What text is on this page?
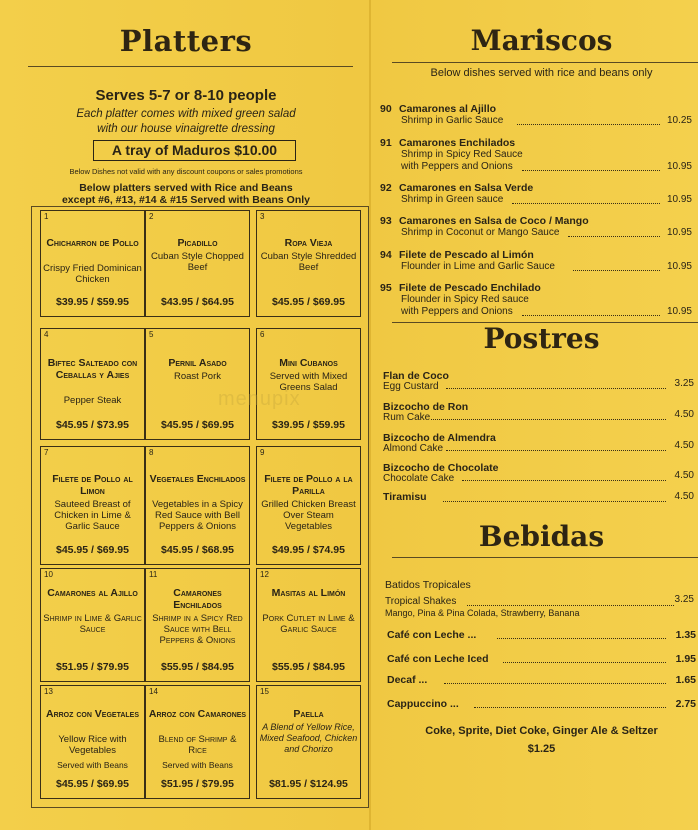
Platters
Serves 5-7 or 8-10 people
Each platter comes with mixed green salad
with our house vinaigrette dressing
A tray of Maduros $10.00
Below Dishes not valid with any discount coupons or sales promotions
Below platters served with Rice and Beans
except #6, #13, #14 & #15 Served with Beans Only
1
Chicharron de Pollo
Crispy Fried Dominican Chicken
$39.95 / $59.95
2
Picadillo
Cuban Style Chopped Beef
$43.95 / $64.95
3
Ropa Vieja
Cuban Style Shredded Beef
$45.95 / $69.95
4
Biftec Salteado con Ceballas y Ajies
Pepper Steak
$45.95 / $73.95
5
Pernil Asado
Roast Pork
$45.95 / $69.95
6
Mini Cubanos
Served with Mixed Greens Salad
$39.95 / $59.95
7
Filete de Pollo al Limon
Sauteed Breast of Chicken in Lime & Garlic Sauce
$45.95 / $69.95
8
Vegetales Enchilados
Vegetables in a Spicy Red Sauce with Bell Peppers & Onions
$45.95 / $68.95
9
Filete de Pollo a la Parilla
Grilled Chicken Breast Over Steam Vegetables
$49.95 / $74.95
10
Camarones al Ajillo
Shrimp in Lime & Garlic Sauce
$51.95 / $79.95
11
Camarones Enchilados
Shrimp in a Spicy Red Sauce with Bell Peppers & Onions
$55.95 / $84.95
12
Masitas al Limón
Pork Cutlet in Lime & Garlic Sauce
$55.95 / $84.95
13
Arroz con Vegetales
Yellow Rice with Vegetables
Served with Beans
$45.95 / $69.95
14
Arroz con Camarones
Blend of Shrimp & Rice
Served with Beans
$51.95 / $79.95
15
Paella
A Blend of Yellow Rice, Mixed Seafood, Chicken and Chorizo
$81.95 / $124.95
Mariscos
Below dishes served with rice and beans only
90 Camarones al Ajillo
Shrimp in Garlic Sauce	10.25
91 Camarones Enchilados
Shrimp in Spicy Red Sauce
with Peppers and Onions	10.95
92 Camarones en Salsa Verde
Shrimp in Green sauce	10.95
93 Camarones en Salsa de Coco / Mango
Shrimp in Coconut or Mango Sauce	10.95
94 Filete de Pescado al Limón
Flounder in Lime and Garlic Sauce	10.95
95 Filete de Pescado Enchilado
Flounder in Spicy Red sauce
with Peppers and Onions	10.95
Postres
Flan de Coco
Egg Custard	3.25
Bizcocho de Ron
Rum Cake	4.50
Bizcocho de Almendra
Almond Cake	4.50
Bizcocho de Chocolate
Chocolate Cake	4.50
Tiramisu	4.50
Bebidas
Batidos Tropicales
Tropical Shakes	3.25
Mango, Pina & Pina Colada, Strawberry, Banana
Café con Leche ...	1.35
Café con Leche Iced	1.95
Decaf ...	1.65
Cappuccino ...	2.75
Coke, Sprite, Diet Coke, Ginger Ale & Seltzer
$1.25
menupix
